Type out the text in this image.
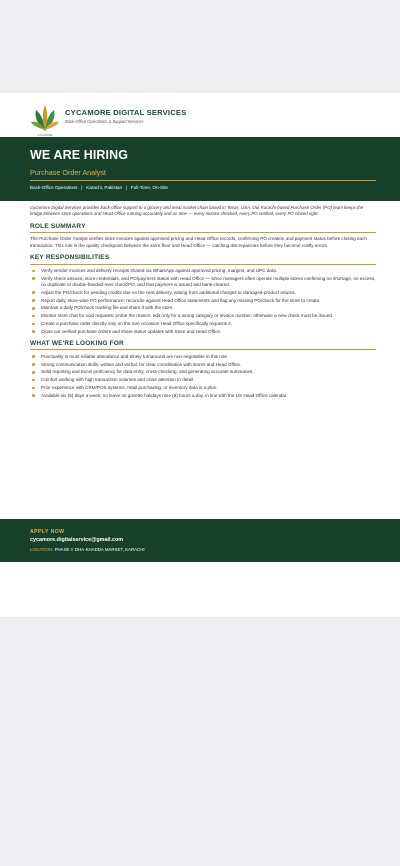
CYCAMORE
CYCAMORE DIGITAL SERVICES
Back-Office Operations & Support Services
WE ARE HIRING
Purchase Order Analyst
Back-Office Operations   |   Karachi, Pakistan   |   Full-Time, On-Site

Cycamore Digital Services provides back-office support to a grocery and meat market chain based in Texas, USA. Our Karachi-based Purchase Order (PO) team keeps the bridge between store operations and Head Office running accurately and on time — every invoice checked, every PO verified, every PO closed right.

ROLE SUMMARY

The Purchase Order Analyst verifies store invoices against approved pricing and Head Office records, confirming PO creation and payment status before closing each transaction. This role is the quality checkpoint between the store floor and Head Office — catching discrepancies before they become costly errors.

KEY RESPONSIBILITIES
Verify vendor invoices and delivery receipts shared via WhatsApp against approved pricing, margins, and UPC data.
Verify check amount, store credentials, and PO/payment status with Head Office — since managers often operate multiple stores confirming no shortage, no excess, no duplicate or double-handed-over check/PO, and that payment is issued and bank-cleared.
Adjust the PO/check for pending credits due on the next delivery, arising from additional charges or damaged-product returns.
Report daily, store-wise PO performance; reconcile against Head Office statements and flag any missing PO/check for the store to create.
Maintain a daily PO/check tracking file and share it with the store.
Monitor store chat for void requests; probe the reason, edit only for a wrong category or invoice number, otherwise a new check must be issued.
Create a purchase order directly only on the rare occasion Head Office specifically requests it.
Close out verified purchase orders and share status updates with Store and Head Office.
WHAT WE'RE LOOKING FOR
Punctuality is must reliable attendance and timely turnaround are non-negotiable in this role.
Strong communication skills, written and verbal, for clear coordination with stores and Head Office.
Solid reporting and Excel proficiency for data entry, cross-checking, and generating accurate summaries.
Comfort working with high transaction volumes and close attention to detail.
Prior experience with CRM/POS systems, retail purchasing, or inventory data is a plus.
Available six (6) days a week; no leave on gazette holidays nine (9) hours a day, in line with the US Head Office calendar.
APPLY NOW
cycamore.digitalservice@gmail.com
LOCATION: PHASE V DHA-KHADDA MARKET, KARACHI
